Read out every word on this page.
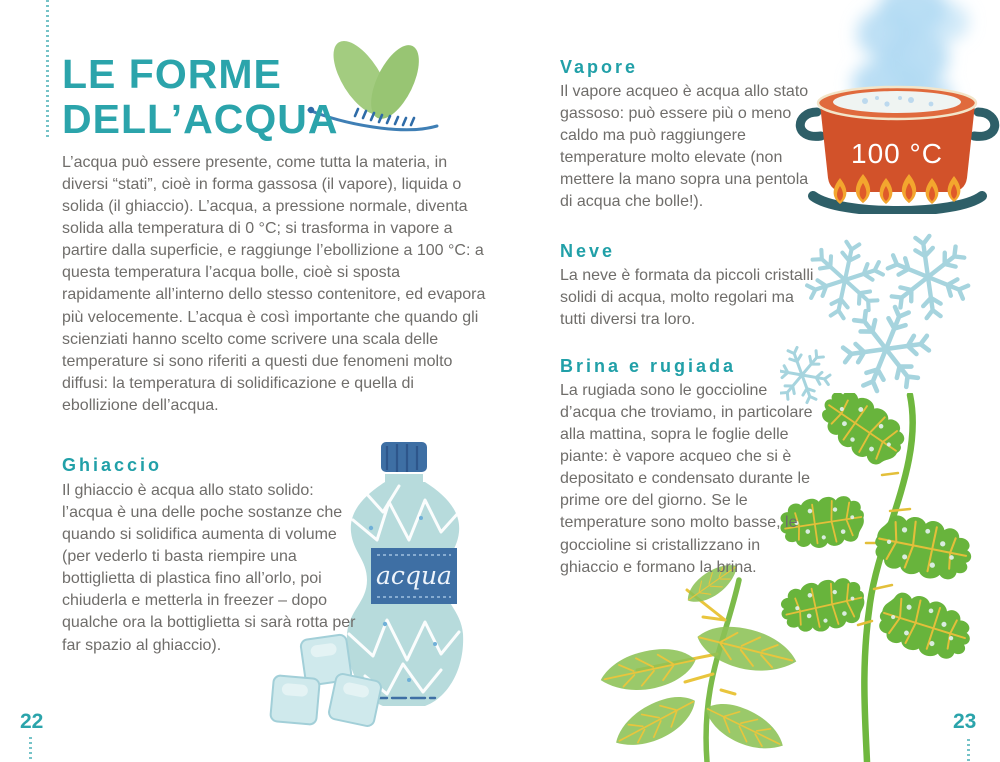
LE FORME
DELL’ACQUA

L’acqua può essere presente, come tutta la materia, in diversi “stati”, cioè in forma gassosa (il vapore), liquida o solida (il ghiaccio). L’acqua, a pressione normale, diventa solida alla temperatura di 0 °C; si trasforma in vapore a partire dalla superficie, e raggiunge l’ebollizione a 100 °C: a questa temperatura l’acqua bolle, cioè si sposta rapidamente all’interno dello stesso contenitore, ed evapora più velocemente. L’acqua è così importante che quando gli scienziati hanno scelto come scrivere una scala delle temperature si sono riferiti a questi due fenomeni molto diffusi: la temperatura di solidificazione e quella di ebollizione dell’acqua.

Ghiaccio

Il ghiaccio è acqua allo stato solido: l’acqua è una delle poche sostanze che quando si solidifica aumenta di volume (per vederlo ti basta riempire una bottiglietta di plastica fino all’orlo, poi chiuderla e metterla in freezer – dopo qualche ora la bottiglietta si sarà rotta per far spazio al ghiaccio).

acqua
22
Vapore

Il vapore acqueo è acqua allo stato gassoso: può essere più o meno caldo ma può raggiungere temperature molto elevate (non mettere la mano sopra una pentola di acqua che bolle!).

100 °C
Neve

La neve è formata da piccoli cristalli solidi di acqua, molto regolari ma tutti diversi tra loro.

Brina e rugiada

La rugiada sono le goccioline d’acqua che troviamo, in particolare alla mattina, sopra le foglie delle piante: è vapore acqueo che si è depositato e condensato durante le prime ore del giorno. Se le temperature sono molto basse, le goccioline si cristallizzano in ghiaccio e formano la brina.

23
